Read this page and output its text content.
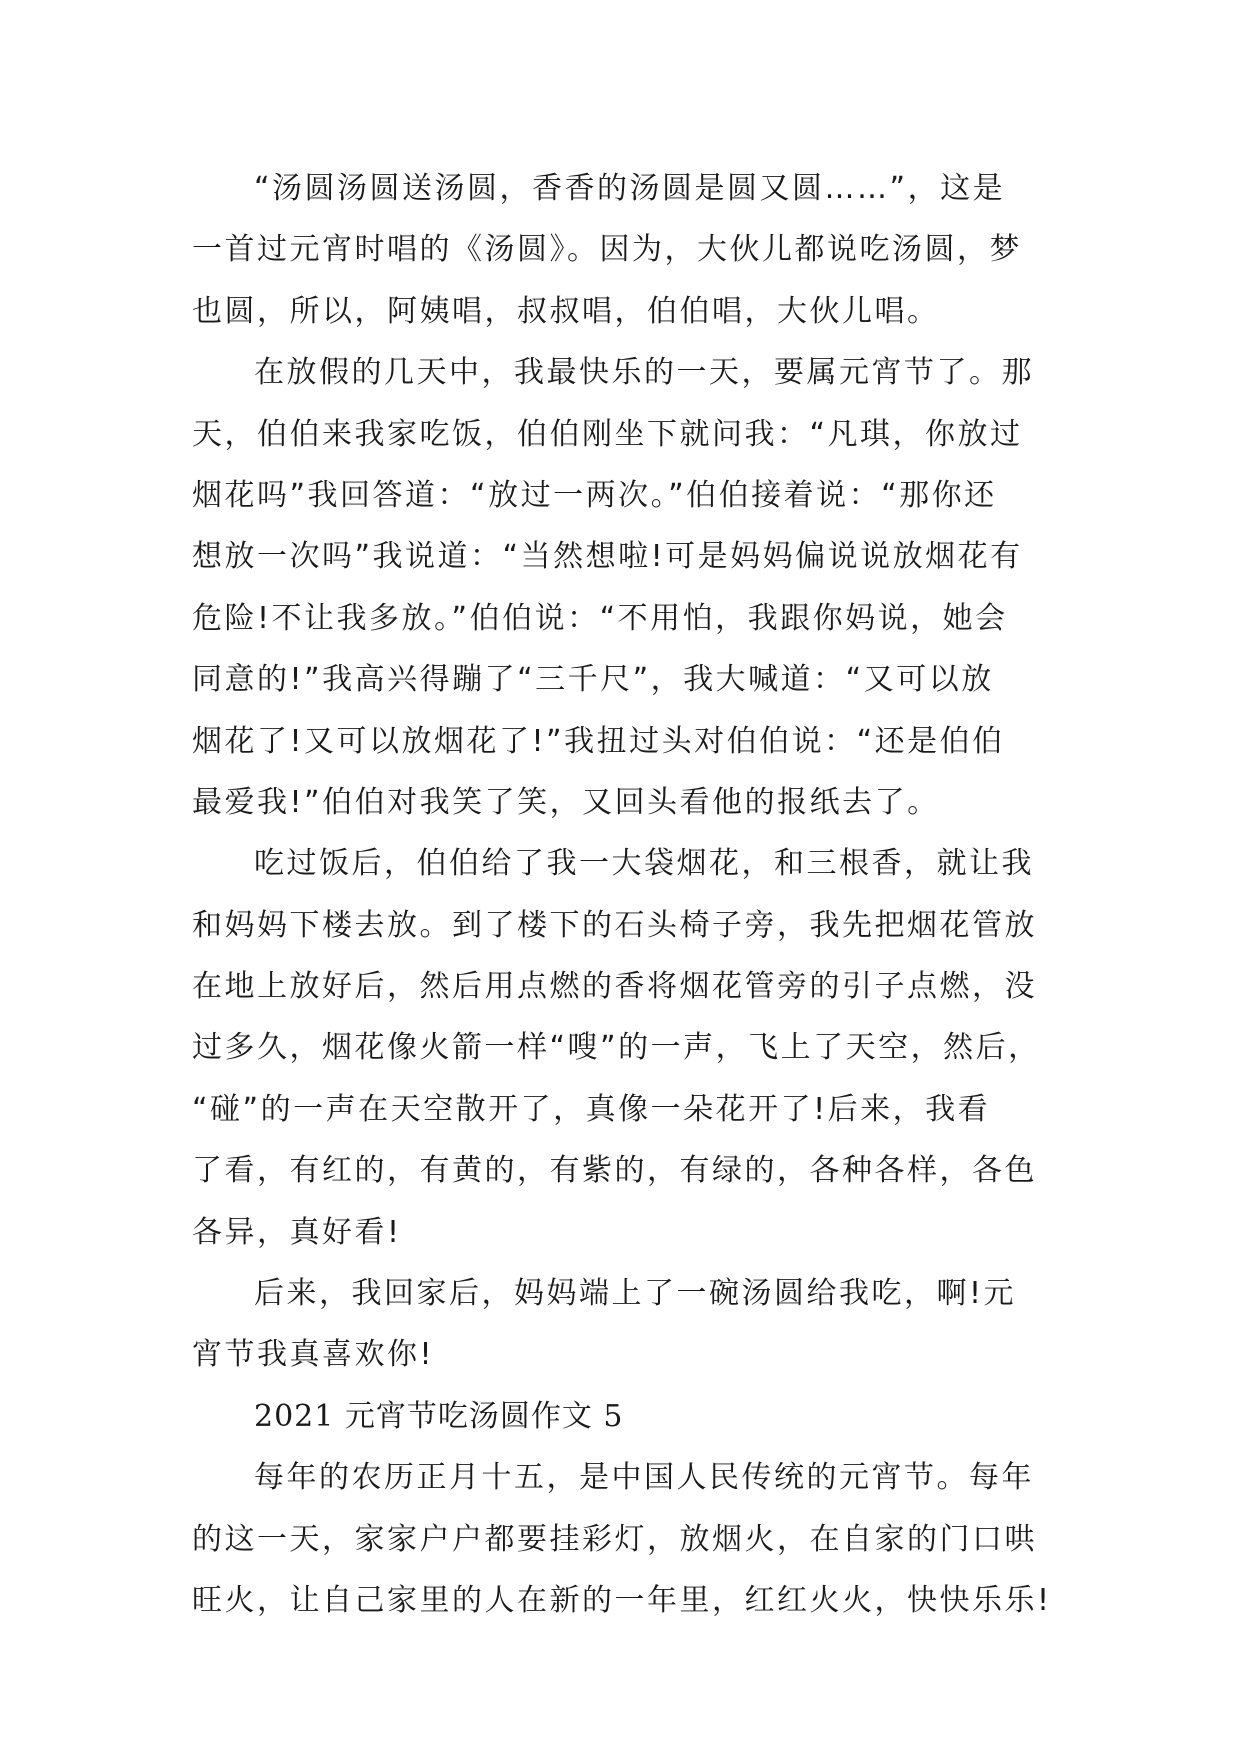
“汤圆汤圆送汤圆，香香的汤圆是圆又圆……”，这是
一首过元宵时唱的《汤圆》。因为，大伙儿都说吃汤圆，梦
也圆，所以，阿姨唱，叔叔唱，伯伯唱，大伙儿唱。
在放假的几天中，我最快乐的一天，要属元宵节了。那
天，伯伯来我家吃饭，伯伯刚坐下就问我：“凡琪，你放过
烟花吗”我回答道：“放过一两次。”伯伯接着说：“那你还
想放一次吗”我说道：“当然想啦!可是妈妈偏说说放烟花有
危险!不让我多放。”伯伯说：“不用怕，我跟你妈说，她会
同意的!”我高兴得蹦了“三千尺”，我大喊道：“又可以放
烟花了!又可以放烟花了!”我扭过头对伯伯说：“还是伯伯
最爱我!”伯伯对我笑了笑，又回头看他的报纸去了。
吃过饭后，伯伯给了我一大袋烟花，和三根香，就让我
和妈妈下楼去放。到了楼下的石头椅子旁，我先把烟花管放
在地上放好后，然后用点燃的香将烟花管旁的引子点燃，没
过多久，烟花像火箭一样“嗖”的一声，飞上了天空，然后，
“碰”的一声在天空散开了，真像一朵花开了!后来，我看
了看，有红的，有黄的，有紫的，有绿的，各种各样，各色
各异，真好看!
后来，我回家后，妈妈端上了一碗汤圆给我吃，啊!元
宵节我真喜欢你!
2021 元宵节吃汤圆作文 5
每年的农历正月十五，是中国人民传统的元宵节。每年
的这一天，家家户户都要挂彩灯，放烟火，在自家的门口哄
旺火，让自己家里的人在新的一年里，红红火火，快快乐乐!
